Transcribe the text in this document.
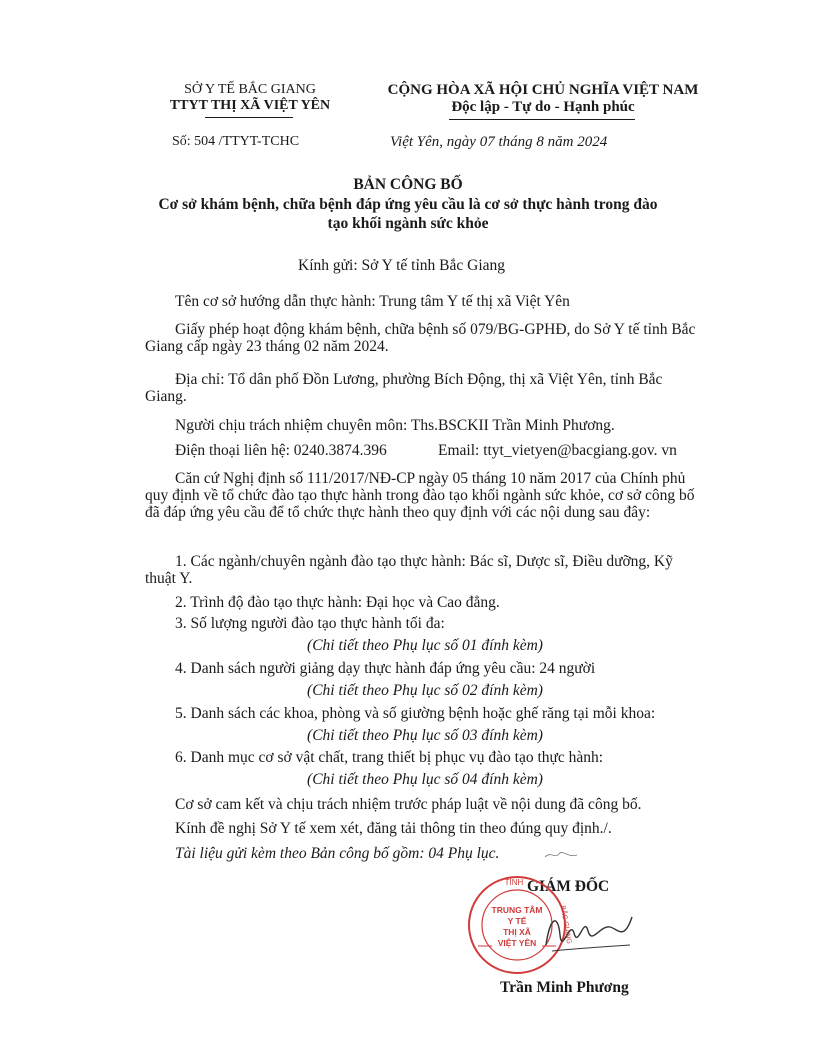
SỞ Y TẾ BẮC GIANG
TTYT THỊ XÃ VIỆT YÊN
Số: 504 /TTYT-TCHC
CỘNG HÒA XÃ HỘI CHỦ NGHĨA VIỆT NAM
Độc lập - Tự do - Hạnh phúc
Việt Yên, ngày 07 tháng 8 năm 2024
BẢN CÔNG BỐ
Cơ sở khám bệnh, chữa bệnh đáp ứng yêu cầu là cơ sở thực hành trong đào
tạo khối ngành sức khỏe
Kính gửi: Sở Y tế tỉnh Bắc Giang
Tên cơ sở hướng dẫn thực hành: Trung tâm Y tế thị xã Việt Yên
Giấy phép hoạt động khám bệnh, chữa bệnh số 079/BG-GPHĐ, do Sở Y tế tỉnh Bắc Giang cấp ngày 23 tháng 02 năm 2024.
Địa chỉ: Tổ dân phố Đồn Lương, phường Bích Động, thị xã Việt Yên, tỉnh Bắc Giang.
Người chịu trách nhiệm chuyên môn: Ths.BSCKII Trần Minh Phương.
Điện thoại liên hệ: 0240.3874.396	Email: ttyt_vietyen@bacgiang.gov. vn
Căn cứ Nghị định số 111/2017/NĐ-CP ngày 05 tháng 10 năm 2017 của Chính phủ quy định về tổ chức đào tạo thực hành trong đào tạo khối ngành sức khỏe, cơ sở công bố đã đáp ứng yêu cầu để tổ chức thực hành theo quy định với các nội dung sau đây:
1. Các ngành/chuyên ngành đào tạo thực hành: Bác sĩ, Dược sĩ, Điều dưỡng, Kỹ thuật Y.
2. Trình độ đào tạo thực hành: Đại học và Cao đẳng.
3. Số lượng người đào tạo thực hành tối đa:
(Chi tiết theo Phụ lục số 01 đính kèm)
4. Danh sách người giảng dạy thực hành đáp ứng yêu cầu: 24 người
(Chi tiết theo Phụ lục số 02 đính kèm)
5. Danh sách các khoa, phòng và số giường bệnh hoặc ghế răng tại mỗi khoa:
(Chi tiết theo Phụ lục số 03 đính kèm)
6. Danh mục cơ sở vật chất, trang thiết bị phục vụ đào tạo thực hành:
(Chi tiết theo Phụ lục số 04 đính kèm)
Cơ sở cam kết và chịu trách nhiệm trước pháp luật về nội dung đã công bố.
Kính đề nghị Sở Y tế xem xét, đăng tải thông tin theo đúng quy định./.
Tài liệu gửi kèm theo Bản công bố gồm: 04 Phụ lục.
GIÁM ĐỐC
TỈNH
BẮC GIANG
TRUNG TÂM
Y TẾ
THỊ XÃ
VIỆT YÊN
Trần Minh Phương
